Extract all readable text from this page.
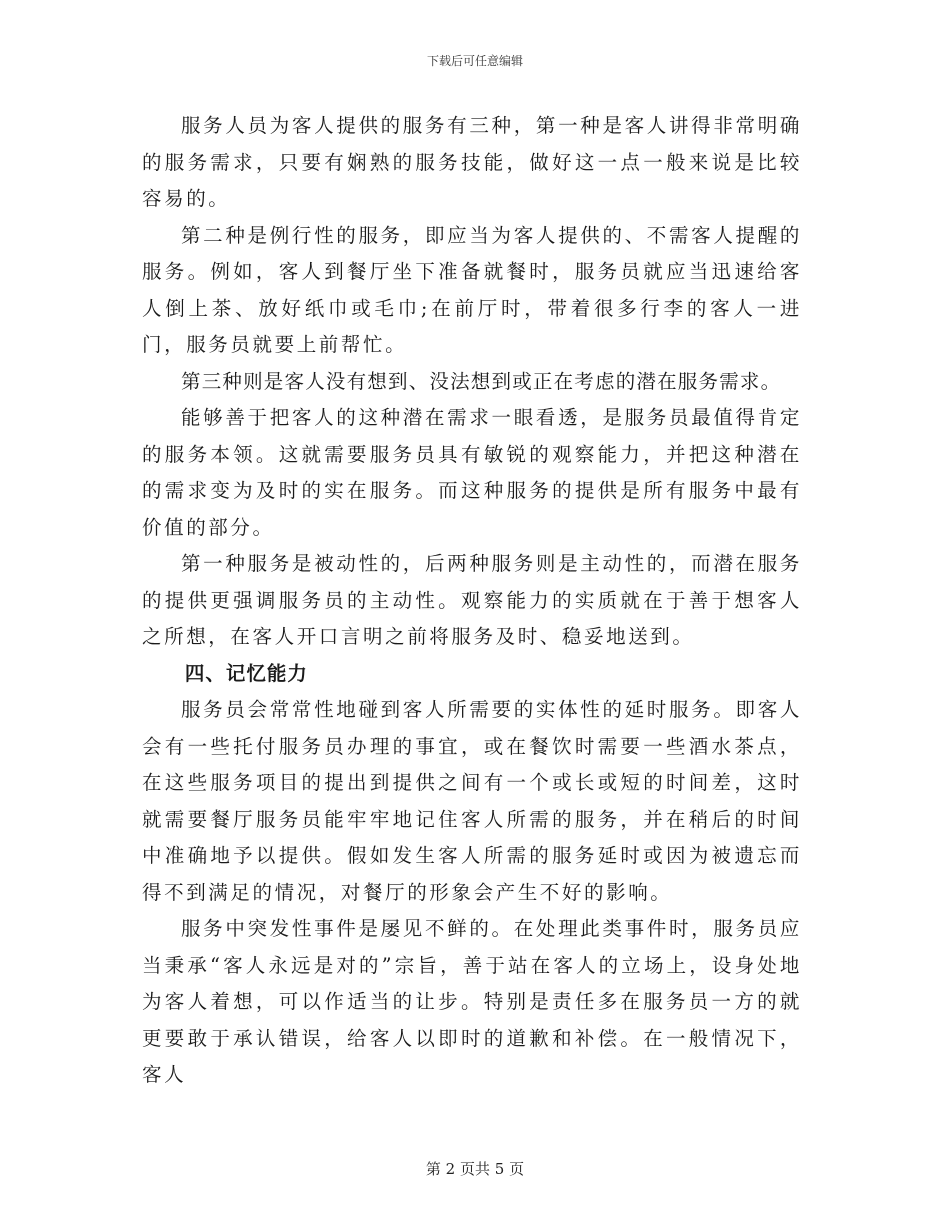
下载后可任意编辑

服务人员为客人提供的服务有三种，第一种是客人讲得非常明确的服务需求，只要有娴熟的服务技能，做好这一点一般来说是比较容易的。

第二种是例行性的服务，即应当为客人提供的、不需客人提醒的服务。例如，客人到餐厅坐下准备就餐时，服务员就应当迅速给客人倒上茶、放好纸巾或毛巾;在前厅时，带着很多行李的客人一进门，服务员就要上前帮忙。

第三种则是客人没有想到、没法想到或正在考虑的潜在服务需求。

能够善于把客人的这种潜在需求一眼看透，是服务员最值得肯定的服务本领。这就需要服务员具有敏锐的观察能力，并把这种潜在的需求变为及时的实在服务。而这种服务的提供是所有服务中最有价值的部分。

第一种服务是被动性的，后两种服务则是主动性的，而潜在服务的提供更强调服务员的主动性。观察能力的实质就在于善于想客人之所想，在客人开口言明之前将服务及时、稳妥地送到。

四、记忆能力

服务员会常常性地碰到客人所需要的实体性的延时服务。即客人会有一些托付服务员办理的事宜，或在餐饮时需要一些酒水茶点，在这些服务项目的提出到提供之间有一个或长或短的时间差，这时就需要餐厅服务员能牢牢地记住客人所需的服务，并在稍后的时间中准确地予以提供。假如发生客人所需的服务延时或因为被遗忘而得不到满足的情况，对餐厅的形象会产生不好的影响。

服务中突发性事件是屡见不鲜的。在处理此类事件时，服务员应当秉承“客人永远是对的”宗旨，善于站在客人的立场上，设身处地为客人着想，可以作适当的让步。特别是责任多在服务员一方的就更要敢于承认错误，给客人以即时的道歉和补偿。在一般情况下，客人

第 2 页共 5 页
